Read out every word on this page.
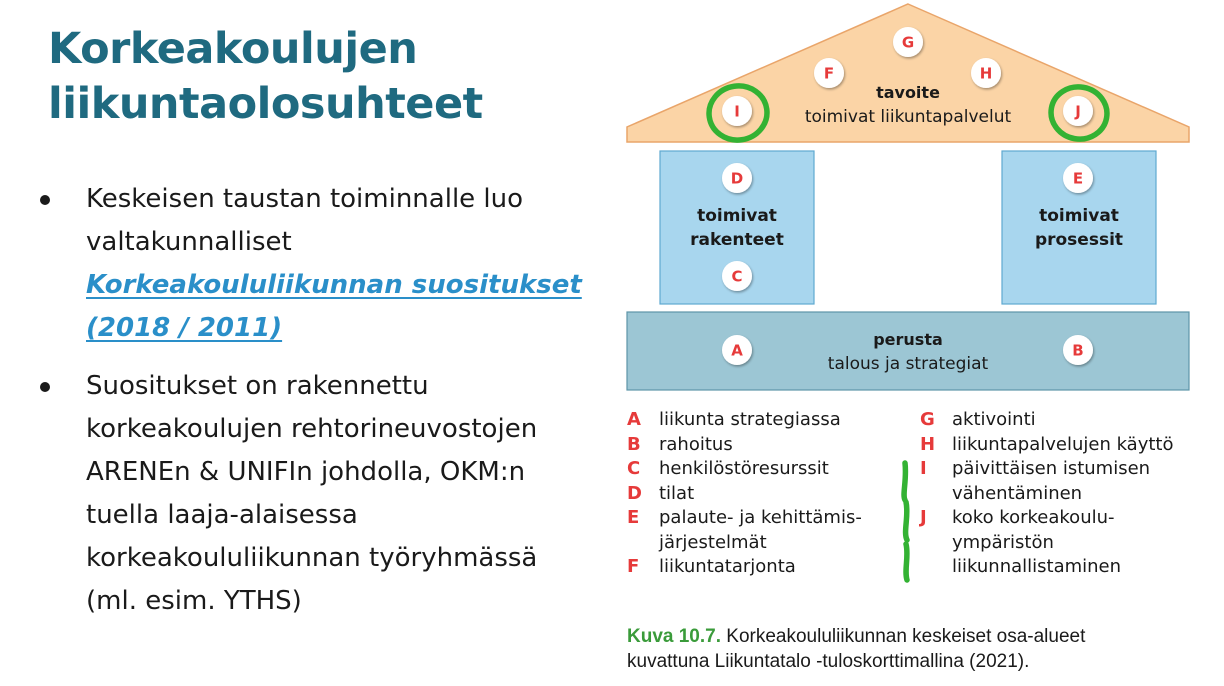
Korkeakoulujen
liikuntaolosuhteet
Keskeisen taustan toiminnalle luo
valtakunnalliset
Korkeakoululiikunnan suositukset
(2018 / 2011)
Suositukset on rakennettu
korkeakoulujen rehtorineuvostojen
ARENEn & UNIFIn johdolla, OKM:n
tuella laaja-alaisessa
korkeakoululiikunnan työryhmässä
(ml. esim. YTHS)
tavoite
toimivat liikuntapalvelut
toimivat
rakenteet
toimivat
prosessit
perusta
talous ja strategiat
G
F	H
I	J
D
C
E
A	B
A liikunta strategiassa
B rahoitus
C henkilöstöresurssit
D tilat
E palaute- ja kehittämis-
järjestelmät
F liikuntatarjonta
G aktivointi
H liikuntapalvelujen käyttö
I päivittäisen istumisen
vähentäminen
J koko korkeakoulu-
ympäristön
liikunnallistaminen
Kuva 10.7. Korkeakoululiikunnan keskeiset osa-alueet
kuvattuna Liikuntatalo -tuloskorttimallina (2021).
